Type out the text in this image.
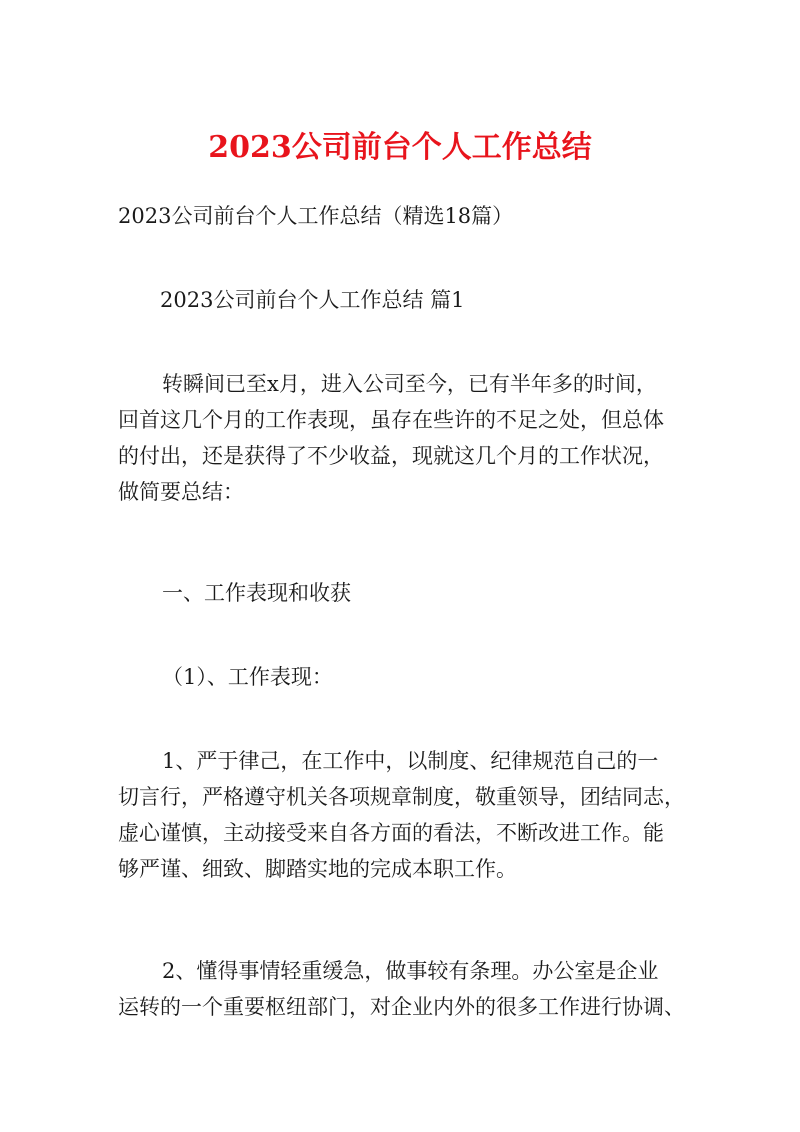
2023公司前台个人工作总结
2023公司前台个人工作总结（精选18篇）
2023公司前台个人工作总结 篇1
转瞬间已至x月，进入公司至今，已有半年多的时间，
回首这几个月的工作表现，虽存在些许的不足之处，但总体
的付出，还是获得了不少收益，现就这几个月的工作状况，
做简要总结：
一、工作表现和收获
（1）、工作表现：
1、严于律己，在工作中，以制度、纪律规范自己的一
切言行，严格遵守机关各项规章制度，敬重领导，团结同志，
虚心谨慎，主动接受来自各方面的看法，不断改进工作。能
够严谨、细致、脚踏实地的完成本职工作。
2、懂得事情轻重缓急，做事较有条理。办公室是企业
运转的一个重要枢纽部门，对企业内外的很多工作进行协调、
